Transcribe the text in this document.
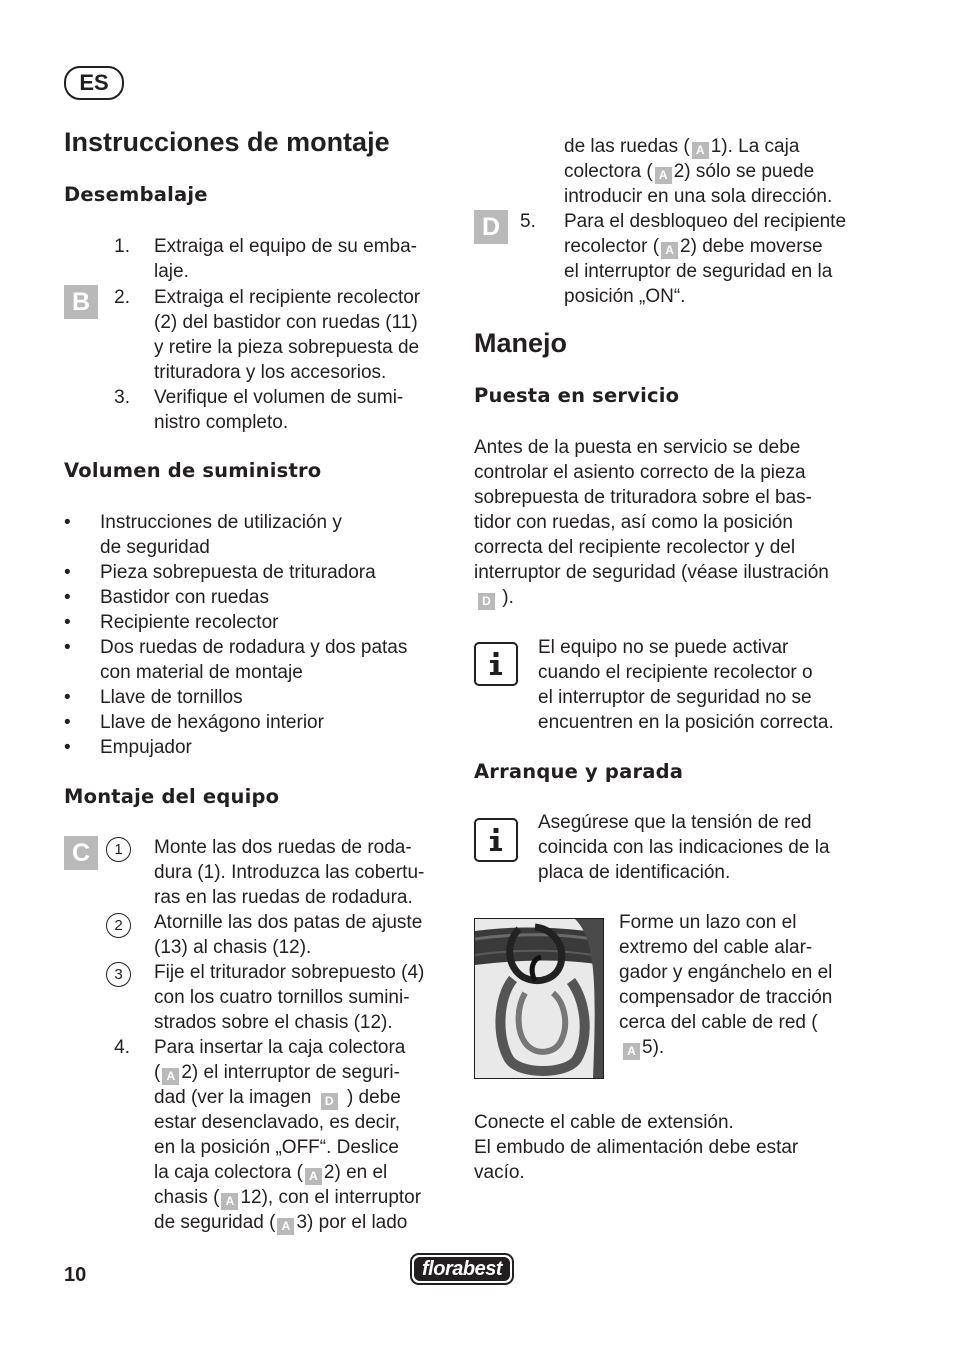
ES
Instrucciones de montaje
Desembalaje
B
1. Extraiga el equipo de su emba-
laje.
2. Extraiga el recipiente recolector
(2) del bastidor con ruedas (11)
y retire la pieza sobrepuesta de
trituradora y los accesorios.
3. Verifique el volumen de sumi-
nistro completo.
Volumen de suministro
• Instrucciones de utilización y
de seguridad
• Pieza sobrepuesta de trituradora
• Bastidor con ruedas
• Recipiente recolector
• Dos ruedas de rodadura y dos patas
con material de montaje
• Llave de tornillos
• Llave de hexágono interior
• Empujador
Montaje del equipo
C	1	Monte las dos ruedas de roda-
dura (1). Introduzca las cobertu-
ras en las ruedas de rodadura.
2	Atornille las dos patas de ajuste
(13) al chasis (12).
3	Fije el triturador sobrepuesto (4)
con los cuatro tornillos sumini-
strados sobre el chasis (12).
4. Para insertar la caja colectora
( A 2) el interruptor de seguri-
dad (ver la imagen D ) debe
estar desenclavado, es decir,
en la posición „OFF“. Deslice
la caja colectora ( A 2) en el
chasis ( A 12), con el interruptor
de seguridad ( A 3) por el lado
de las ruedas ( A 1). La caja
colectora ( A 2) sólo se puede
introducir en una sola dirección.
D	5. Para el desbloqueo del recipiente
recolector ( A 2) debe moverse
el interruptor de seguridad en la
posición „ON“.
Manejo
Puesta en servicio
Antes de la puesta en servicio se debe
controlar el asiento correcto de la pieza
sobrepuesta de trituradora sobre el bas-
tidor con ruedas, así como la posición
correcta del recipiente recolector y del
interruptor de seguridad (véase ilustración
D ).
El equipo no se puede activar
cuando el recipiente recolector o
el interruptor de seguridad no se
encuentren en la posición correcta.
Arranque y parada
Asegúrese que la tensión de red
coincida con las indicaciones de la
placa de identificación.
Forme un lazo con el
extremo del cable alar-
gador y engánchelo en el
compensador de tracción
cerca del cable de red (
A 5).
Conecte el cable de extensión.
El embudo de alimentación debe estar
vacío.
10	florabest
